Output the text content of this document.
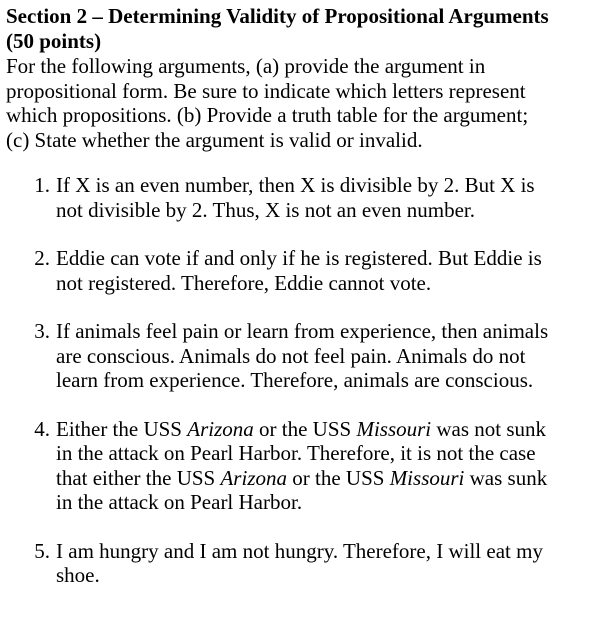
Section 2 – Determining Validity of Propositional Arguments
(50 points)

For the following arguments, (a) provide the argument in
propositional form. Be sure to indicate which letters represent
which propositions. (b) Provide a truth table for the argument;
(c) State whether the argument is valid or invalid.

1. If X is an even number, then X is divisible by 2. But X is
not divisible by 2. Thus, X is not an even number.
2. Eddie can vote if and only if he is registered. But Eddie is
not registered. Therefore, Eddie cannot vote.
3. If animals feel pain or learn from experience, then animals
are conscious. Animals do not feel pain. Animals do not
learn from experience. Therefore, animals are conscious.
4. Either the USS Arizona or the USS Missouri was not sunk
in the attack on Pearl Harbor. Therefore, it is not the case
that either the USS Arizona or the USS Missouri was sunk
in the attack on Pearl Harbor.
5. I am hungry and I am not hungry. Therefore, I will eat my
shoe.
